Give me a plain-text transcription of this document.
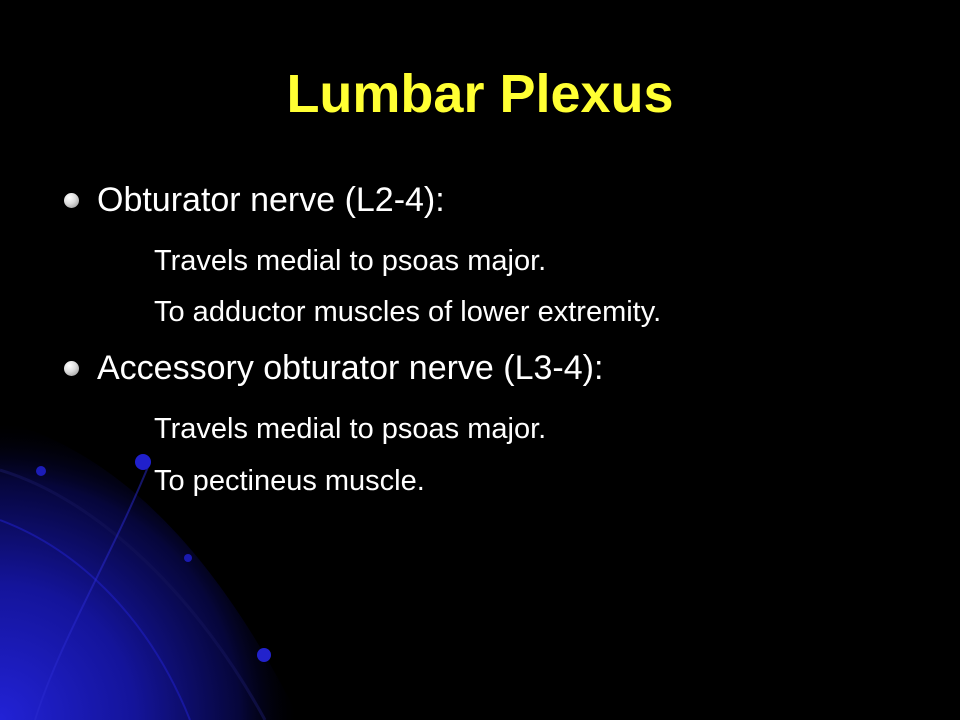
Lumbar Plexus
Obturator nerve (L2-4):
Travels medial to psoas major.
To adductor muscles of lower extremity.
Accessory obturator nerve (L3-4):
Travels medial to psoas major.
To pectineus muscle.
